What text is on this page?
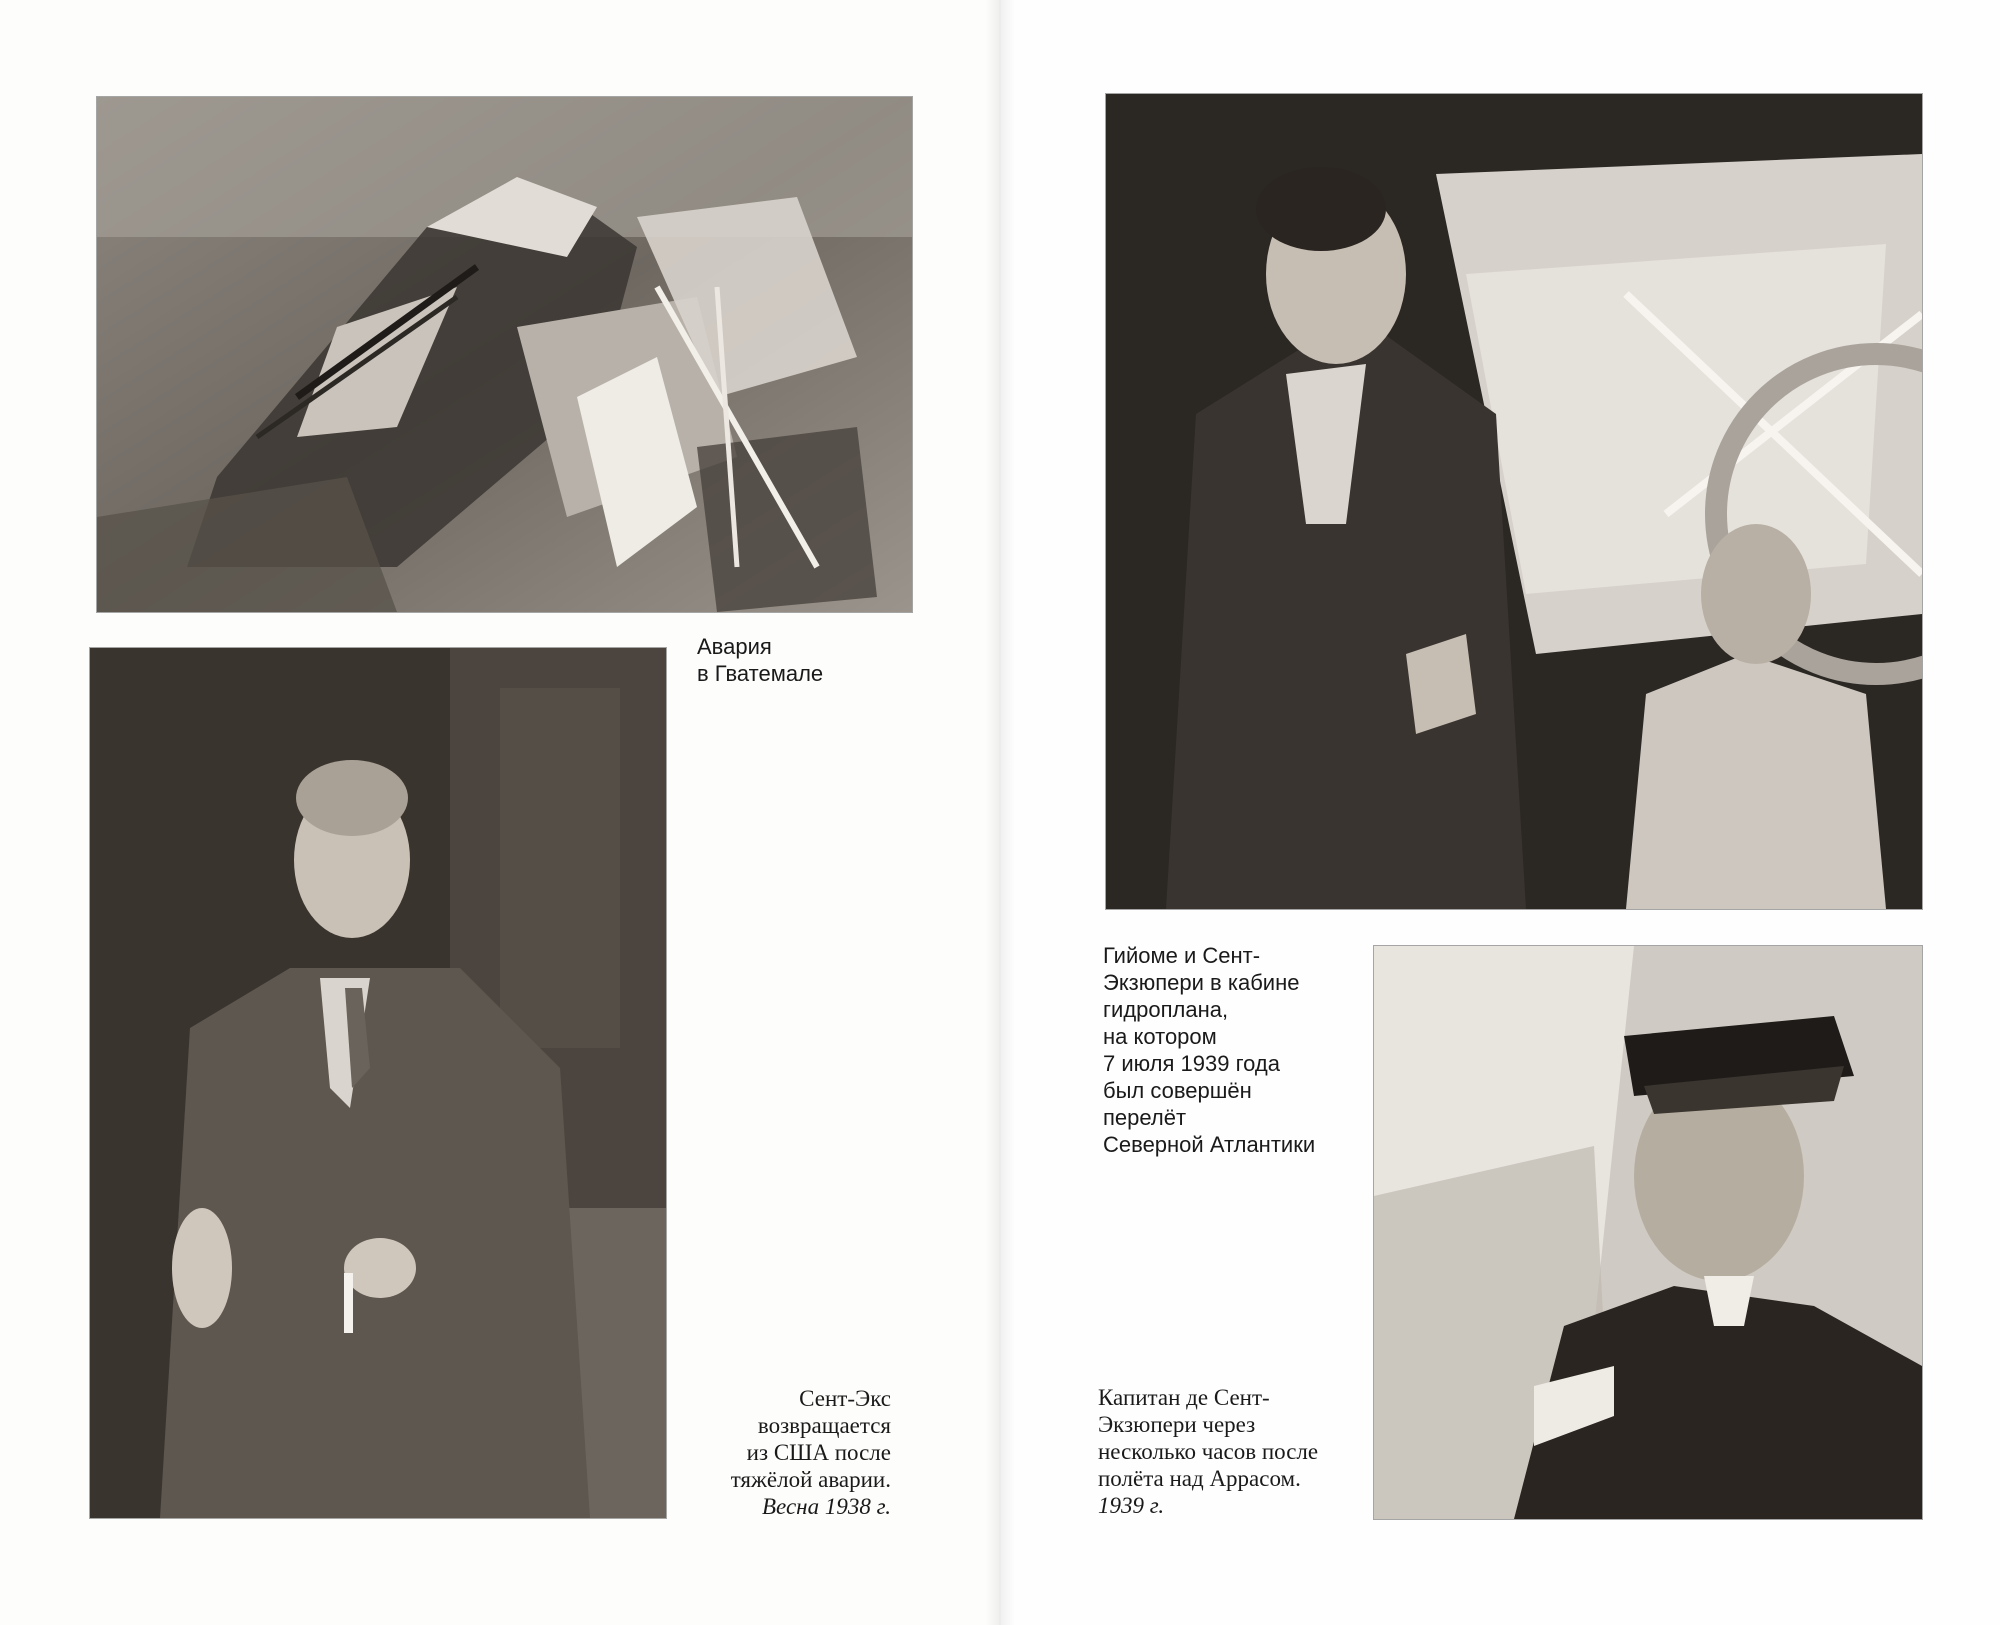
Авария
в Гватемале
Сент-Экс
возвращается
из США после
тяжёлой аварии.
Весна 1938 г.
Гийоме и Сент-
Экзюпери в кабине
гидроплана,
на котором
7 июля 1939 года
был совершён
перелёт
Северной Атлантики
Капитан де Сент-
Экзюпери через
несколько часов после
полёта над Аррасом.
1939 г.
